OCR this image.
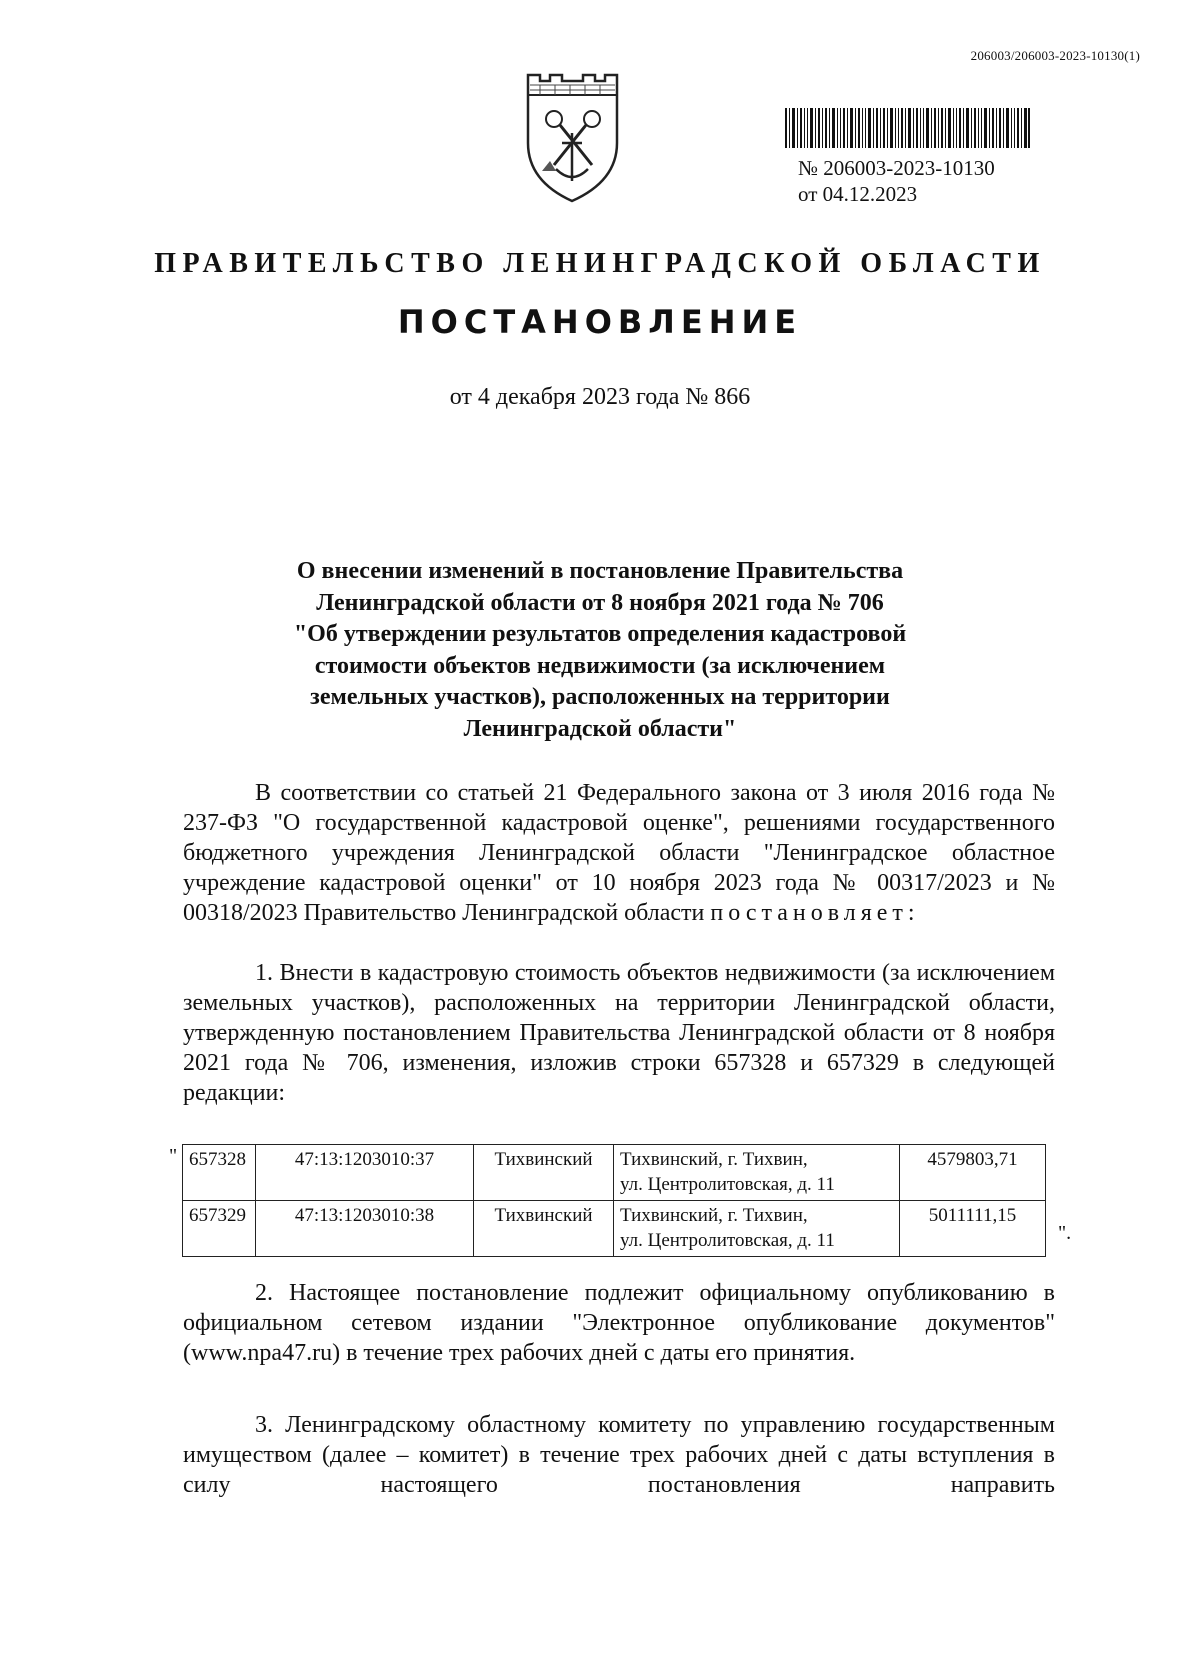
206003/206003-2023-10130(1)
№ 206003-2023-10130
от 04.12.2023
ПРАВИТЕЛЬСТВО ЛЕНИНГРАДСКОЙ ОБЛАСТИ
ПОСТАНОВЛЕНИЕ
от 4 декабря 2023 года № 866
О внесении изменений в постановление Правительства
Ленинградской области от 8 ноября 2021 года № 706
"Об утверждении результатов определения кадастровой
стоимости объектов недвижимости (за исключением
земельных участков), расположенных на территории
Ленинградской области"
В соответствии со статьей 21 Федерального закона от 3 июля 2016 года № 237-ФЗ "О государственной кадастровой оценке", решениями государственного бюджетного учреждения Ленинградской области "Ленинградское областное учреждение кадастровой оценки" от 10 ноября 2023 года № 00317/2023 и № 00318/2023 Правительство Ленинградской области постановляет:
1. Внести в кадастровую стоимость объектов недвижимости (за исключением земельных участков), расположенных на территории Ленинградской области, утвержденную постановлением Правительства Ленинградской области от 8 ноября 2021 года № 706, изменения, изложив строки 657328 и 657329 в следующей редакции:
" 657328	47:13:1203010:37	Тихвинский	Тихвинский, г. Тихвин,
ул. Центролитовская, д. 11	4579803,71
657329	47:13:1203010:38	Тихвинский	Тихвинский, г. Тихвин,
ул. Центролитовская, д. 11	5011111,15
".
2. Настоящее постановление подлежит официальному опубликованию в официальном сетевом издании "Электронное опубликование документов" (www.npa47.ru) в течение трех рабочих дней с даты его принятия.
3. Ленинградскому областному комитету по управлению государственным имуществом (далее – комитет) в течение трех рабочих дней с даты вступления в силу настоящего постановления направить
